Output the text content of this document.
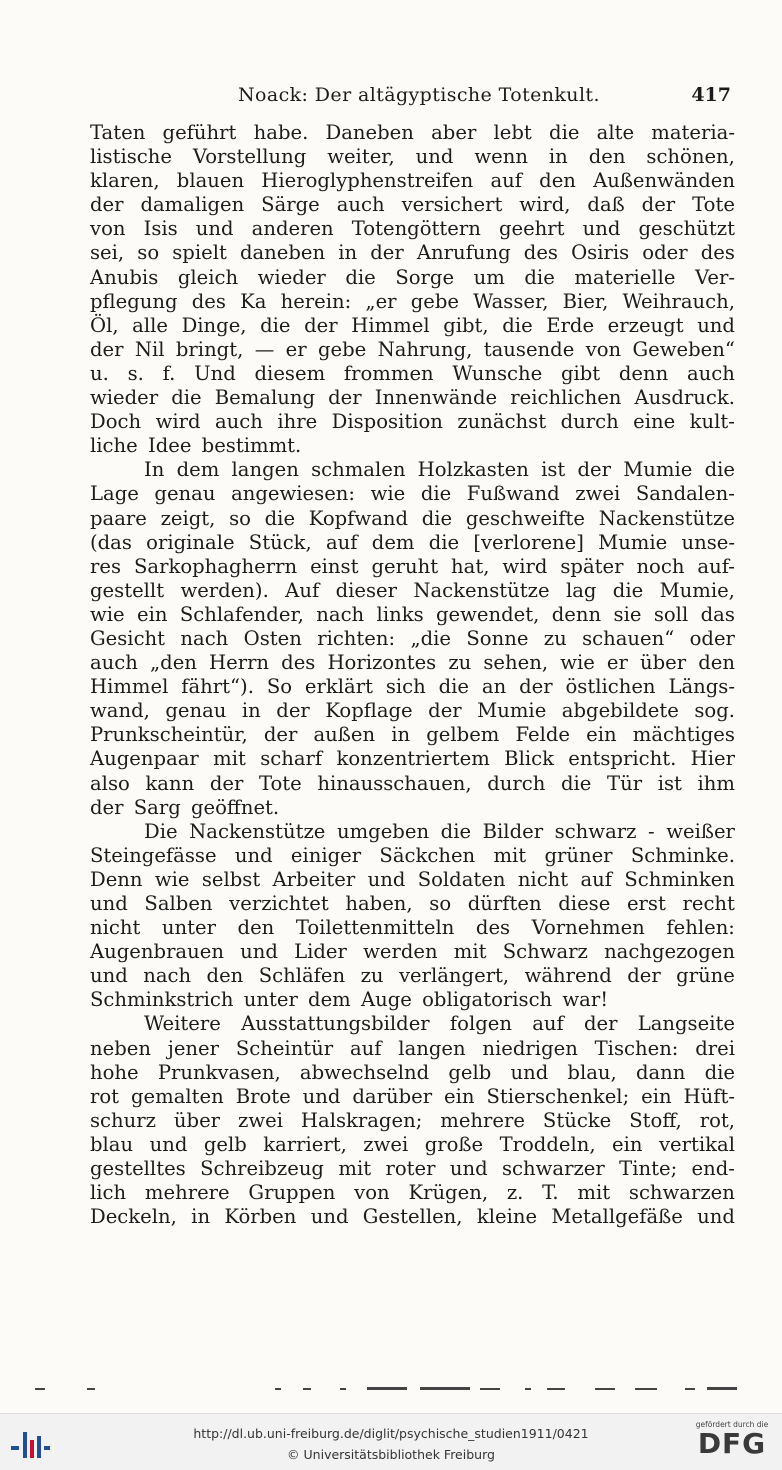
Noack: Der altägyptische Totenkult.	417
Taten geführt habe. Daneben aber lebt die alte materia-
listische Vorstellung weiter, und wenn in den schönen,
klaren, blauen Hieroglyphenstreifen auf den Außenwänden
der damaligen Särge auch versichert wird, daß der Tote
von Isis und anderen Totengöttern geehrt und geschützt
sei, so spielt daneben in der Anrufung des Osiris oder des
Anubis gleich wieder die Sorge um die materielle Ver-
pflegung des Ka herein: „er gebe Wasser, Bier, Weihrauch,
Öl, alle Dinge, die der Himmel gibt, die Erde erzeugt und
der Nil bringt, — er gebe Nahrung, tausende von Geweben“
u. s. f. Und diesem frommen Wunsche gibt denn auch
wieder die Bemalung der Innenwände reichlichen Ausdruck.
Doch wird auch ihre Disposition zunächst durch eine kult-
liche Idee bestimmt.
In dem langen schmalen Holzkasten ist der Mumie die
Lage genau angewiesen: wie die Fußwand zwei Sandalen-
paare zeigt, so die Kopfwand die geschweifte Nackenstütze
(das originale Stück, auf dem die [verlorene] Mumie unse-
res Sarkophagherrn einst geruht hat, wird später noch auf-
gestellt werden). Auf dieser Nackenstütze lag die Mumie,
wie ein Schlafender, nach links gewendet, denn sie soll das
Gesicht nach Osten richten: „die Sonne zu schauen“ oder
auch „den Herrn des Horizontes zu sehen, wie er über den
Himmel fährt“). So erklärt sich die an der östlichen Längs-
wand, genau in der Kopflage der Mumie abgebildete sog.
Prunkscheintür, der außen in gelbem Felde ein mächtiges
Augenpaar mit scharf konzentriertem Blick entspricht. Hier
also kann der Tote hinausschauen, durch die Tür ist ihm
der Sarg geöffnet.
Die Nackenstütze umgeben die Bilder schwarz - weißer
Steingefässe und einiger Säckchen mit grüner Schminke.
Denn wie selbst Arbeiter und Soldaten nicht auf Schminken
und Salben verzichtet haben, so dürften diese erst recht
nicht unter den Toilettenmitteln des Vornehmen fehlen:
Augenbrauen und Lider werden mit Schwarz nachgezogen
und nach den Schläfen zu verlängert, während der grüne
Schminkstrich unter dem Auge obligatorisch war!
Weitere Ausstattungsbilder folgen auf der Langseite
neben jener Scheintür auf langen niedrigen Tischen: drei
hohe Prunkvasen, abwechselnd gelb und blau, dann die
rot gemalten Brote und darüber ein Stierschenkel; ein Hüft-
schurz über zwei Halskragen; mehrere Stücke Stoff, rot,
blau und gelb karriert, zwei große Troddeln, ein vertikal
gestelltes Schreibzeug mit roter und schwarzer Tinte; end-
lich mehrere Gruppen von Krügen, z. T. mit schwarzen
Deckeln, in Körben und Gestellen, kleine Metallgefäße und
http://dl.ub.uni-freiburg.de/diglit/psychische_studien1911/0421
© Universitätsbibliothek Freiburg
gefördert durch die
DFG
